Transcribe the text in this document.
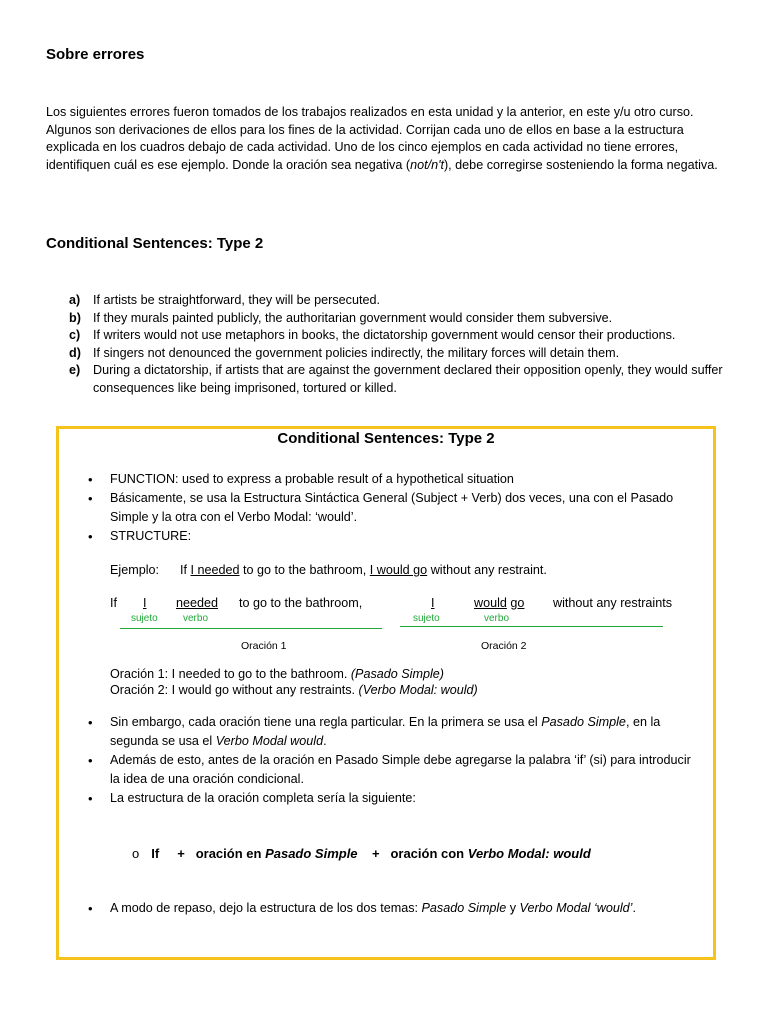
Sobre errores
Los siguientes errores fueron tomados de los trabajos realizados en esta unidad y la anterior, en este y/u otro curso. Algunos son derivaciones de ellos para los fines de la actividad. Corrijan cada uno de ellos en base a la estructura explicada en los cuadros debajo de cada actividad. Uno de los cinco ejemplos en cada actividad no tiene errores, identifiquen cuál es ese ejemplo. Donde la oración sea negativa (not/n't), debe corregirse sosteniendo la forma negativa.
Conditional Sentences: Type 2
a) If artists be straightforward, they will be persecuted.
b) If they murals painted publicly, the authoritarian government would consider them subversive.
c) If writers would not use metaphors in books, the dictatorship government would censor their productions.
d) If singers not denounced the government policies indirectly, the military forces will detain them.
e) During a dictatorship, if artists that are against the government declared their opposition openly, they would suffer consequences like being imprisoned, tortured or killed.
Conditional Sentences: Type 2
• FUNCTION: used to express a probable result of a hypothetical situation
• Básicamente, se usa la Estructura Sintáctica General (Subject + Verb) dos veces, una con el Pasado Simple y la otra con el Verbo Modal: ‘would’.
• STRUCTURE:
Ejemplo: If I needed to go to the bathroom, I would go without any restraint.
If I needed to go to the bathroom,	I	would go without any restraints
sujeto	verbo	sujeto	verbo
Oración 1	Oración 2
Oración 1: I needed to go to the bathroom. (Pasado Simple)
Oración 2: I would go without any restraints. (Verbo Modal: would)
• Sin embargo, cada oración tiene una regla particular. En la primera se usa el Pasado Simple, en la segunda se usa el Verbo Modal would.
• Además de esto, antes de la oración en Pasado Simple debe agregarse la palabra ‘if’ (si) para introducir la idea de una oración condicional.
• La estructura de la oración completa sería la siguiente:
o If + oración en Pasado Simple + oración con Verbo Modal: would
• A modo de repaso, dejo la estructura de los dos temas: Pasado Simple y Verbo Modal ‘would’.
